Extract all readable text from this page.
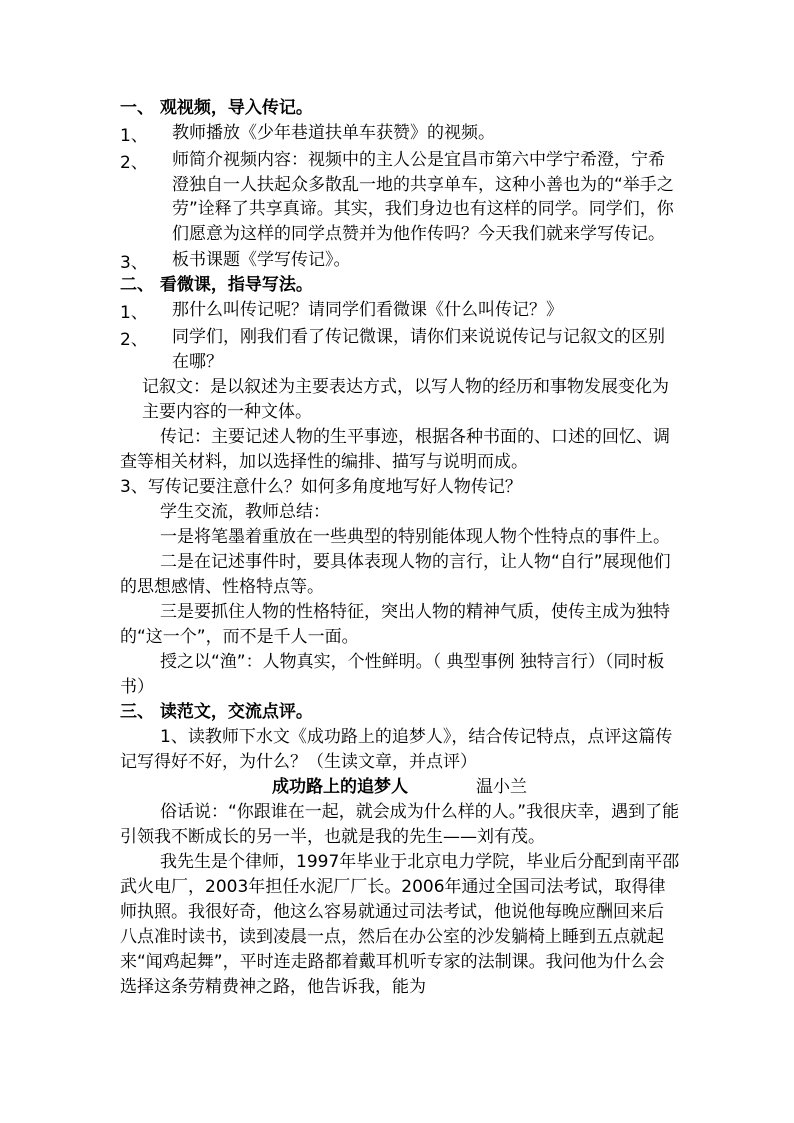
一、 观视频，导入传记。
1、	教师播放《少年巷道扶单车获赞》的视频。
2、	师简介视频内容：视频中的主人公是宜昌市第六中学宁希澄，宁希澄独自一人扶起众多散乱一地的共享单车，这种小善也为的“举手之劳”诠释了共享真谛。其实，我们身边也有这样的同学。同学们，你们愿意为这样的同学点赞并为他作传吗？今天我们就来学写传记。
3、	板书课题《学写传记》。
二、 看微课，指导写法。
1、	那什么叫传记呢？请同学们看微课《什么叫传记？》
2、	同学们，刚我们看了传记微课，请你们来说说传记与记叙文的区别在哪？
记叙文：是以叙述为主要表达方式，以写人物的经历和事物发展变化为主要内容的一种文体。
传记：主要记述人物的生平事迹，根据各种书面的、口述的回忆、调查等相关材料，加以选择性的编排、描写与说明而成。
3、写传记要注意什么？如何多角度地写好人物传记？
学生交流，教师总结：
一是将笔墨着重放在一些典型的特别能体现人物个性特点的事件上。
二是在记述事件时，要具体表现人物的言行，让人物“自行”展现他们的思想感情、性格特点等。
三是要抓住人物的性格特征，突出人物的精神气质，使传主成为独特的“这一个”，而不是千人一面。
授之以“渔”：人物真实，个性鲜明。（ 典型事例 独特言行）（同时板书）
三、 读范文，交流点评。
1、读教师下水文《成功路上的追梦人》，结合传记特点，点评这篇传记写得好不好，为什么？（生读文章，并点评）
成功路上的追梦人	温小兰
俗话说：“你跟谁在一起，就会成为什么样的人。”我很庆幸，遇到了能引领我不断成长的另一半，也就是我的先生——刘有茂。
我先生是个律师，1997年毕业于北京电力学院，毕业后分配到南平邵武火电厂，2003年担任水泥厂厂长。2006年通过全国司法考试，取得律师执照。我很好奇，他这么容易就通过司法考试，他说他每晚应酬回来后八点准时读书，读到凌晨一点，然后在办公室的沙发躺椅上睡到五点就起来“闻鸡起舞”，平时连走路都着戴耳机听专家的法制课。我问他为什么会选择这条劳精费神之路，他告诉我，能为
